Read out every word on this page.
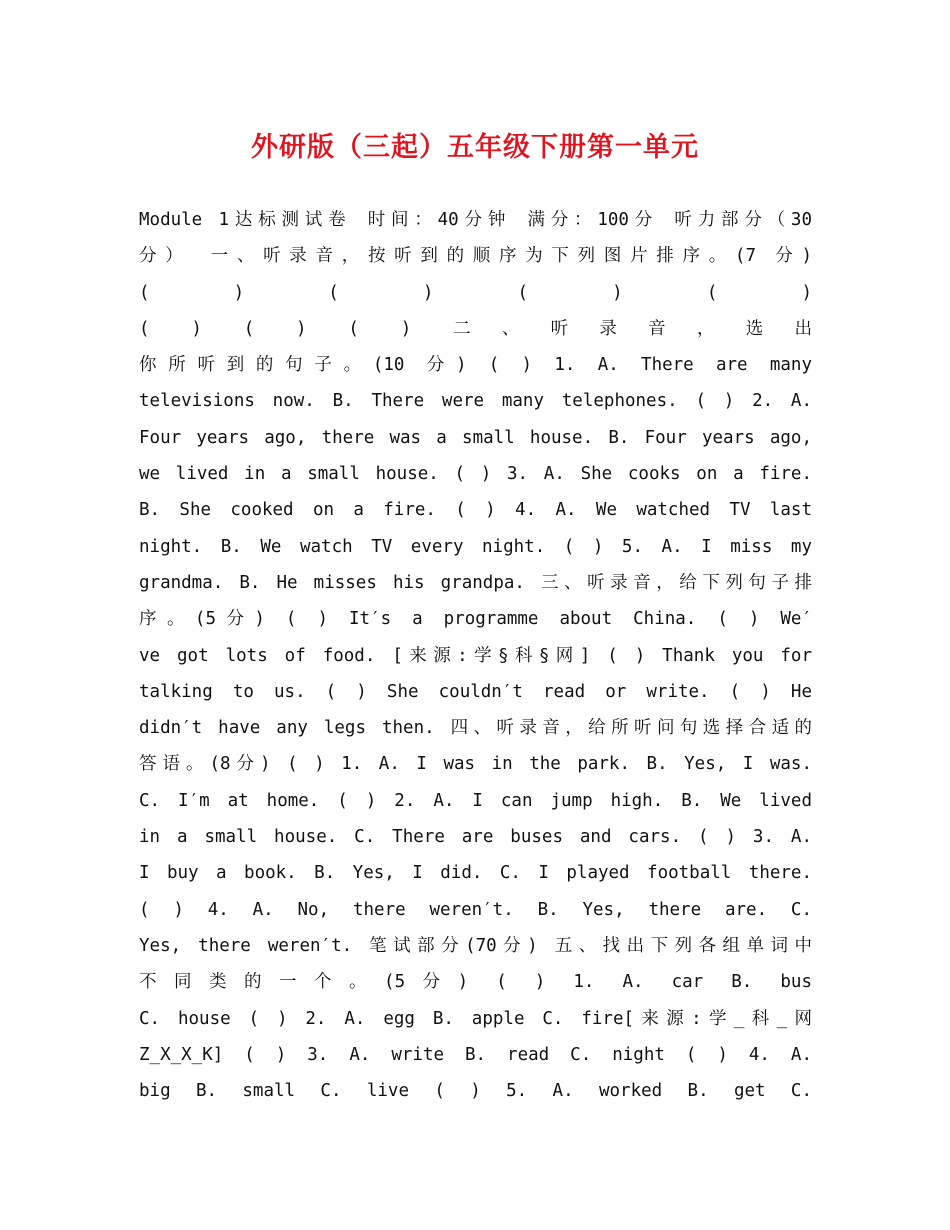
外研版（三起）五年级下册第一单元
Module 1达标测试卷 时间：40分钟 满分：100分 听力部分（30
分） 一、听录音，按听到的顺序为下列图片排序。(7 分)
( ) ( ) ( ) ( )
( ) ( ) ( ) 二、听录音，选出
你所听到的句子。(10 分) ( ) 1. A. There are many
televisions now. B. There were many telephones. ( ) 2. A.
Four years ago, there was a small house. B. Four years ago,
we lived in a small house. ( ) 3. A. She cooks on a fire.
B. She cooked on a fire. ( ) 4. A. We watched TV last
night. B. We watch TV every night. ( ) 5. A. I miss my
grandma. B. He misses his grandpa. 三、听录音，给下列句子排
序。(5分) ( ) It′s a programme about China. ( ) We′
ve got lots of food. [来源:学§科§网] ( ) Thank you for
talking to us. ( ) She couldn′t read or write. ( ) He
didn′t have any legs then. 四、听录音，给所听问句选择合适的
答语。(8分) ( ) 1. A. I was in the park. B. Yes, I was.
C. I′m at home. ( ) 2. A. I can jump high. B. We lived
in a small house. C. There are buses and cars. ( ) 3. A.
I buy a book. B. Yes, I did. C. I played football there.
( ) 4. A. No, there weren′t. B. Yes, there are. C.
Yes, there weren′t. 笔试部分(70分) 五、找出下列各组单词中
不同类的一个。(5分) ( ) 1. A. car B. bus
C. house ( ) 2. A. egg B. apple C. fire[来源:学_科_网
Z_X_X_K] ( ) 3. A. write B. read C. night ( ) 4. A.
big B. small C. live ( ) 5. A. worked B. get C.
